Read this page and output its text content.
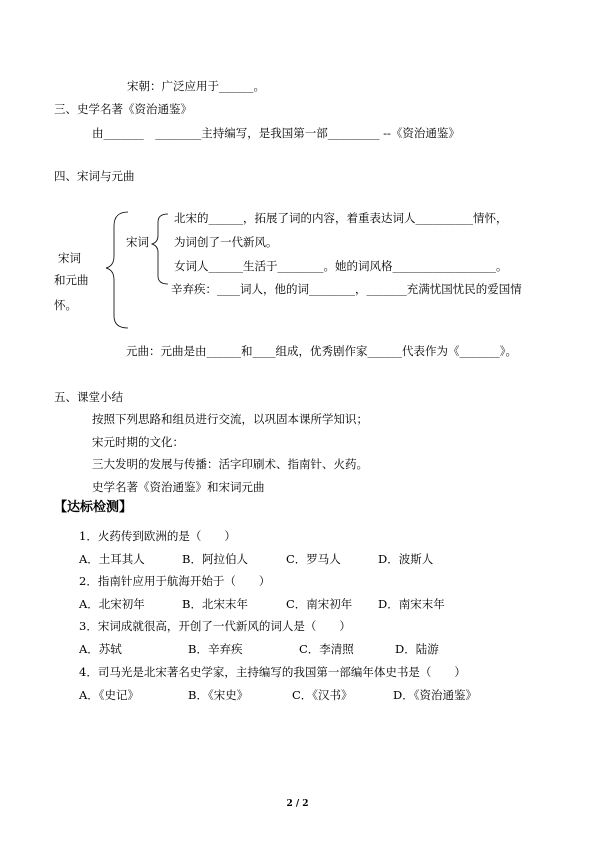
宋朝：广泛应用于______。
三、史学名著《资治通鉴》
由_______　________主持编写，是我国第一部_________ --《资治通鉴》
四、宋词与元曲
宋词
和元曲
怀。
宋词
北宋的______，拓展了词的内容，着重表达词人__________情怀，
为词创了一代新风。
女词人______生活于________。她的词风格__________________。
辛弃疾：____词人，他的词________，_______充满忧国忧民的爱国情
元曲：元曲是由______和____组成，优秀剧作家______代表作为《_______》。
五、课堂小结
按照下列思路和组员进行交流，以巩固本课所学知识；
宋元时期的文化：
三大发明的发展与传播：活字印刷术、指南针、火药。
史学名著《资治通鉴》和宋词元曲
【达标检测】
1．火药传到欧洲的是（　　）
A．土耳其人	B．阿拉伯人	C．罗马人	D．波斯人
2．指南针应用于航海开始于（　　）
A．北宋初年	B．北宋末年	C．南宋初年 D．南宋末年
3．宋词成就很高，开创了一代新风的词人是（　　）
A．苏轼	B．辛弃疾	C．李清照	D．陆游
4．司马光是北宋著名史学家，主持编写的我国第一部编年体史书是（　　）
A．《史记》	B．《宋史》	C．《汉书》	D．《资治通鉴》
2 / 2
